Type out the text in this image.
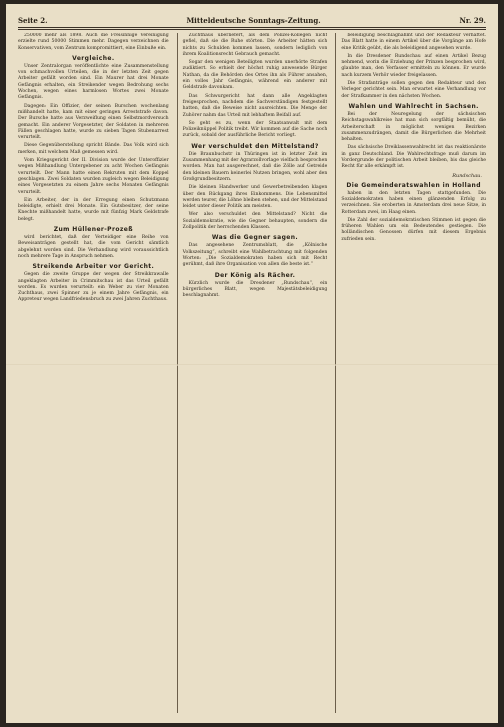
Seite 2.	Mitteldeutsche Sonntags-Zeitung.	Nr. 29.

250000 mehr als 1898. Auch die Freisinnige Vereinigung erzielte rund 50000 Stimmen mehr. Dagegen verzeichnen die Konservativen, vom Zentrum kompromittiert, eine Einbuße ein.

Vergleiche.

Unser Zentralorgan veröffentlichte eine Zusammenstellung von schmachvollen Urteilen, die in der letzten Zeit gegen Arbeiter gefällt worden sind. Ein Maurer hat drei Monate Gefängnis erhalten, ein Streikender wegen Bedrohung sechs Wochen, wegen eines harmlosen Wortes zwei Monate Gefängnis.

Dagegen: Ein Offizier, der seinen Burschen wochenlang mißhandelt hatte, kam mit einer geringen Arreststrafe davon. Der Bursche hatte aus Verzweiflung einen Selbstmordversuch gemacht. Ein anderer Vorgesetzter, der Soldaten in mehreren Fällen geschlagen hatte, wurde zu sieben Tagen Stubenarrest verurteilt.

Diese Gegenüberstellung spricht Bände. Das Volk wird sich merken, mit welchem Maß gemessen wird.

Vom Kriegsgericht der II. Division wurde der Unteroffizier wegen Mißhandlung Untergebener zu acht Wochen Gefängnis verurteilt. Der Mann hatte einen Rekruten mit dem Koppel geschlagen. Zwei Soldaten wurden zugleich wegen Beleidigung eines Vorgesetzten zu einem Jahre sechs Monaten Gefängnis verurteilt.

Ein Arbeiter, der in der Erregung einen Schutzmann beleidigte, erhielt drei Monate. Ein Gutsbesitzer, der seine Knechte mißhandelt hatte, wurde mit fünfzig Mark Geldstrafe belegt.

Zum Hüllener-Prozeß

wird berichtet, daß der Verteidiger eine Reihe von Beweisanträgen gestellt hat, die vom Gericht sämtlich abgelehnt worden sind. Die Verhandlung wird voraussichtlich noch mehrere Tage in Anspruch nehmen.

Streikende Arbeiter vor Gericht.

Gegen die zweite Gruppe der wegen der Streikkrawalle angeklagten Arbeiter in Crimmitschau ist das Urteil gefällt worden. Es wurden verurteilt: ein Weber zu vier Monaten Zuchthaus, zwei Spinner zu je einem Jahre Gefängnis, ein Appreteur wegen Landfriedensbruch zu zwei Jahren Zuchthaus.

Zuchthaus überliefert, als dem Polizei-Kollegen nicht gefiel, daß sie die Ruhe störten. Die Arbeiter hätten sich nichts zu Schulden kommen lassen, sondern lediglich von ihrem Koalitionsrecht Gebrauch gemacht.

Sogar den wenigen Beteiligten wurden unerhörte Strafen zudiktiert. So erhielt der höchst ruhig anwesende Bürger Nathan, da die Behörden des Ortes ihn als Führer ansahen, ein volles Jahr Gefängnis, während ein anderer mit Geldstrafe davonkam.

Das Schwurgericht hat dann alle Angeklagten freigesprochen, nachdem die Sachverständigen festgestellt hatten, daß die Beweise nicht ausreichten. Die Menge der Zuhörer nahm das Urteil mit lebhaftem Beifall auf.

So geht es zu, wenn der Staatsanwalt mit dem Polizeiknüppel Politik treibt. Wir kommen auf die Sache noch zurück, sobald der ausführliche Bericht vorliegt.

Wer verschuldet den Mittelstand?

Die Braunbuchstr in Thüringen ist in letzter Zeit im Zusammenhang mit der Agrarzollvorlage vielfach besprochen worden. Man hat ausgerechnet, daß die Zölle auf Getreide den kleinen Bauern keinerlei Nutzen bringen, wohl aber den Großgrundbesitzern.

Die kleinen Handwerker und Gewerbetreibenden klagen über den Rückgang ihres Einkommens. Die Lebensmittel werden teurer, die Löhne bleiben stehen, und der Mittelstand leidet unter dieser Politik am meisten.

Wer also verschuldet den Mittelstand? Nicht die Sozialdemokratie, wie die Gegner behaupten, sondern die Zollpolitik der herrschenden Klassen.

Was die Gegner sagen.

Das angesehene Zentrumsblatt, die „Kölnische Volkszeitung“, schreibt eine Wahlbetrachtung mit folgenden Worten: „Die Sozialdemokraten haben sich mit Recht gerühmt, daß ihre Organisation von allen die beste ist.“

Der König als Rächer.

Kürzlich wurde die Dresdener „Rundschau“, ein bürgerliches Blatt, wegen Majestätsbeleidigung beschlagnahmt.

beleidigung beschlagnahmt und der Redakteur verhaftet. Das Blatt hatte in einem Artikel über die Vorgänge am Hofe eine Kritik geübt, die als beleidigend angesehen wurde.

In die Dresdener Rundschau auf einen Artikel Bezug nehmend, worin die Erziehung der Prinzen besprochen wird, glaubte man, den Verfasser ermitteln zu können. Er wurde nach kurzem Verhör wieder freigelassen.

Die Strafanträge sollen gegen den Redakteur und den Verleger gerichtet sein. Man erwartet eine Verhandlung vor der Strafkammer in den nächsten Wochen.

Wahlen und Wahlrecht in Sachsen.

Bei der Neuregelung der sächsischen Reichstagswahlkreise hat man sich sorgfältig bemüht, die Arbeiterschaft in möglichst wenigen Bezirken zusammenzudrängen, damit die Bürgerlichen die Mehrheit behalten.

Das sächsische Dreiklassenwahlrecht ist das reaktionärste in ganz Deutschland. Die Wahlrechtsfrage muß darum im Vordergrunde der politischen Arbeit bleiben, bis das gleiche Recht für alle erkämpft ist.

Rundschau.
Die Gemeinderatswahlen in Holland

haben in den letzten Tagen stattgefunden. Die Sozialdemokraten haben einen glänzenden Erfolg zu verzeichnen. Sie eroberten in Amsterdam drei neue Sitze, in Rotterdam zwei, im Haag einen.

Die Zahl der sozialdemokratischen Stimmen ist gegen die früheren Wahlen um ein Bedeutendes gestiegen. Die holländischen Genossen dürfen mit diesem Ergebnis zufrieden sein.
